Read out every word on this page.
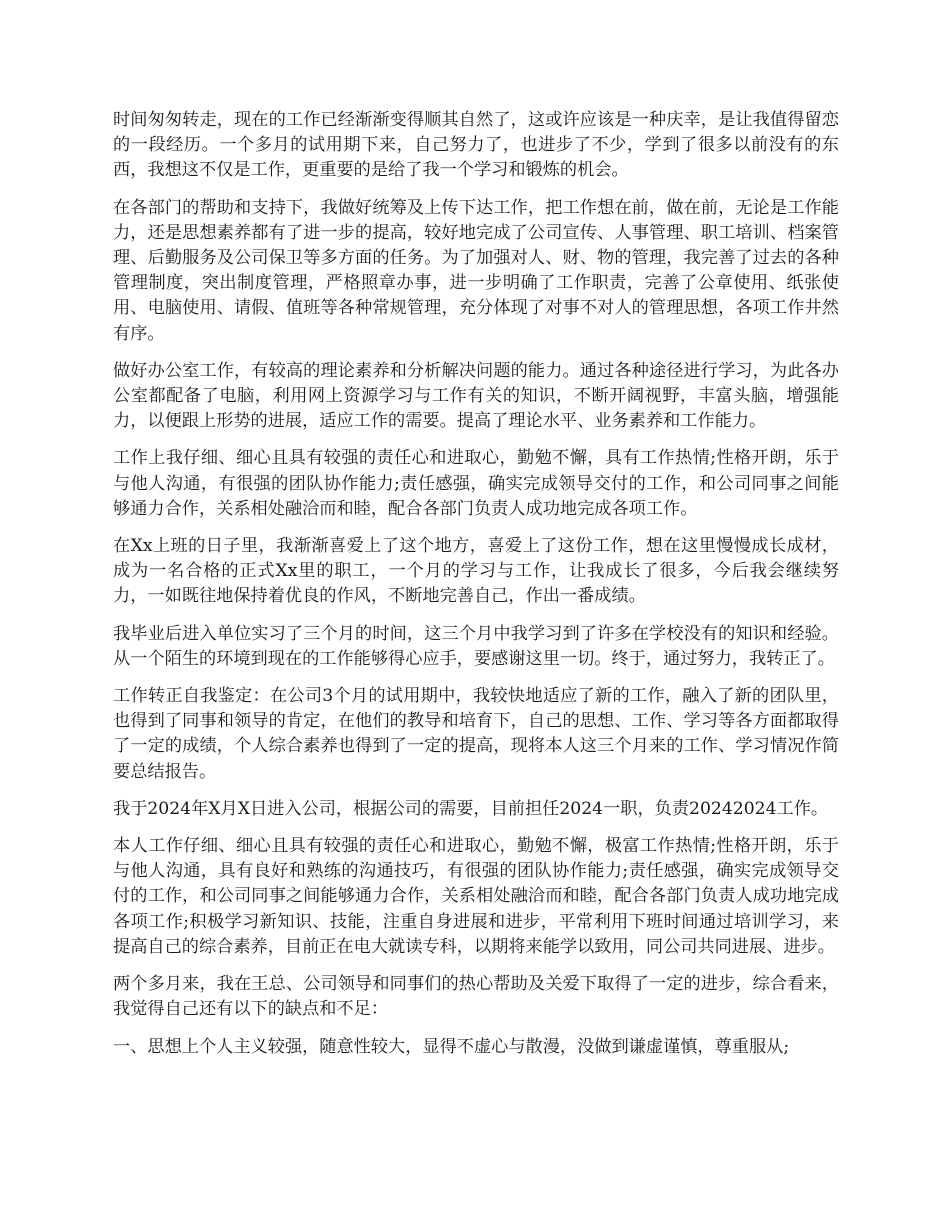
时间匆匆转走，现在的工作已经渐渐变得顺其自然了，这或许应该是一种庆幸，是让我值得留恋的一段经历。一个多月的试用期下来，自己努力了，也进步了不少，学到了很多以前没有的东西，我想这不仅是工作，更重要的是给了我一个学习和锻炼的机会。

在各部门的帮助和支持下，我做好统筹及上传下达工作，把工作想在前，做在前，无论是工作能力，还是思想素养都有了进一步的提高，较好地完成了公司宣传、人事管理、职工培训、档案管理、后勤服务及公司保卫等多方面的任务。为了加强对人、财、物的管理，我完善了过去的各种管理制度，突出制度管理，严格照章办事，进一步明确了工作职责，完善了公章使用、纸张使用、电脑使用、请假、值班等各种常规管理，充分体现了对事不对人的管理思想，各项工作井然有序。

做好办公室工作，有较高的理论素养和分析解决问题的能力。通过各种途径进行学习，为此各办公室都配备了电脑，利用网上资源学习与工作有关的知识，不断开阔视野，丰富头脑，增强能力，以便跟上形势的进展，适应工作的需要。提高了理论水平、业务素养和工作能力。

工作上我仔细、细心且具有较强的责任心和进取心，勤勉不懈，具有工作热情;性格开朗，乐于与他人沟通，有很强的团队协作能力;责任感强，确实完成领导交付的工作，和公司同事之间能够通力合作，关系相处融洽而和睦，配合各部门负责人成功地完成各项工作。

在Xx上班的日子里，我渐渐喜爱上了这个地方，喜爱上了这份工作，想在这里慢慢成长成材，成为一名合格的正式Xx里的职工，一个月的学习与工作，让我成长了很多，今后我会继续努力，一如既往地保持着优良的作风，不断地完善自己，作出一番成绩。

我毕业后进入单位实习了三个月的时间，这三个月中我学习到了许多在学校没有的知识和经验。从一个陌生的环境到现在的工作能够得心应手，要感谢这里一切。终于，通过努力，我转正了。

工作转正自我鉴定：在公司3个月的试用期中，我较快地适应了新的工作，融入了新的团队里，也得到了同事和领导的肯定，在他们的教导和培育下，自己的思想、工作、学习等各方面都取得了一定的成绩，个人综合素养也得到了一定的提高，现将本人这三个月来的工作、学习情况作简要总结报告。

我于2024年X月X日进入公司，根据公司的需要，目前担任2024一职，负责20242024工作。

本人工作仔细、细心且具有较强的责任心和进取心，勤勉不懈，极富工作热情;性格开朗，乐于与他人沟通，具有良好和熟练的沟通技巧，有很强的团队协作能力;责任感强，确实完成领导交付的工作，和公司同事之间能够通力合作，关系相处融洽而和睦，配合各部门负责人成功地完成各项工作;积极学习新知识、技能，注重自身进展和进步，平常利用下班时间通过培训学习，来提高自己的综合素养，目前正在电大就读专科，以期将来能学以致用，同公司共同进展、进步。

两个多月来，我在王总、公司领导和同事们的热心帮助及关爱下取得了一定的进步，综合看来，我觉得自己还有以下的缺点和不足：

一、思想上个人主义较强，随意性较大，显得不虚心与散漫，没做到谦虚谨慎，尊重服从;
